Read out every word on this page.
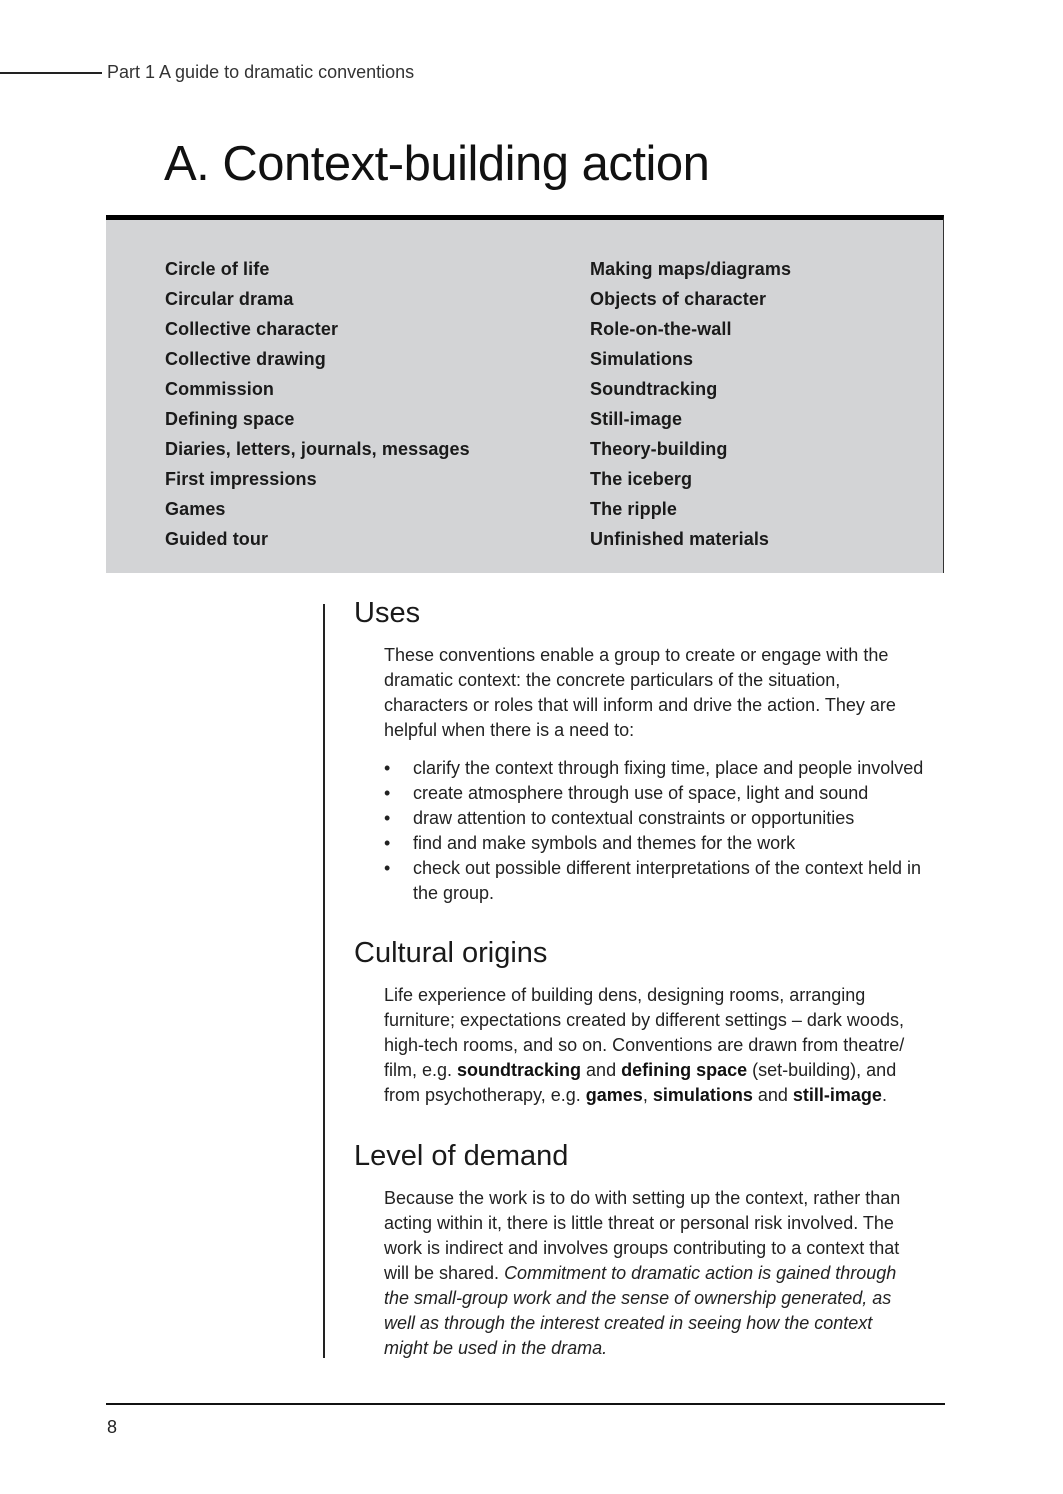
Part 1 A guide to dramatic conventions
A. Context-building action
Circle of life
Circular drama
Collective character
Collective drawing
Commission
Defining space
Diaries, letters, journals, messages
First impressions
Games
Guided tour
Making maps/diagrams
Objects of character
Role-on-the-wall
Simulations
Soundtracking
Still-image
Theory-building
The iceberg
The ripple
Unfinished materials
Uses
These conventions enable a group to create or engage with the dramatic context: the concrete particulars of the situation, characters or roles that will inform and drive the action. They are helpful when there is a need to:
• clarify the context through fixing time, place and people involved
• create atmosphere through use of space, light and sound
• draw attention to contextual constraints or opportunities
• find and make symbols and themes for the work
• check out possible different interpretations of the context held in the group.
Cultural origins
Life experience of building dens, designing rooms, arranging furniture; expectations created by different settings – dark woods, high-tech rooms, and so on. Conventions are drawn from theatre/ film, e.g. soundtracking and defining space (set-building), and from psychotherapy, e.g. games, simulations and still-image.
Level of demand
Because the work is to do with setting up the context, rather than acting within it, there is little threat or personal risk involved. The work is indirect and involves groups contributing to a context that will be shared. Commitment to dramatic action is gained through the small-group work and the sense of ownership generated, as well as through the interest created in seeing how the context might be used in the drama.
8
